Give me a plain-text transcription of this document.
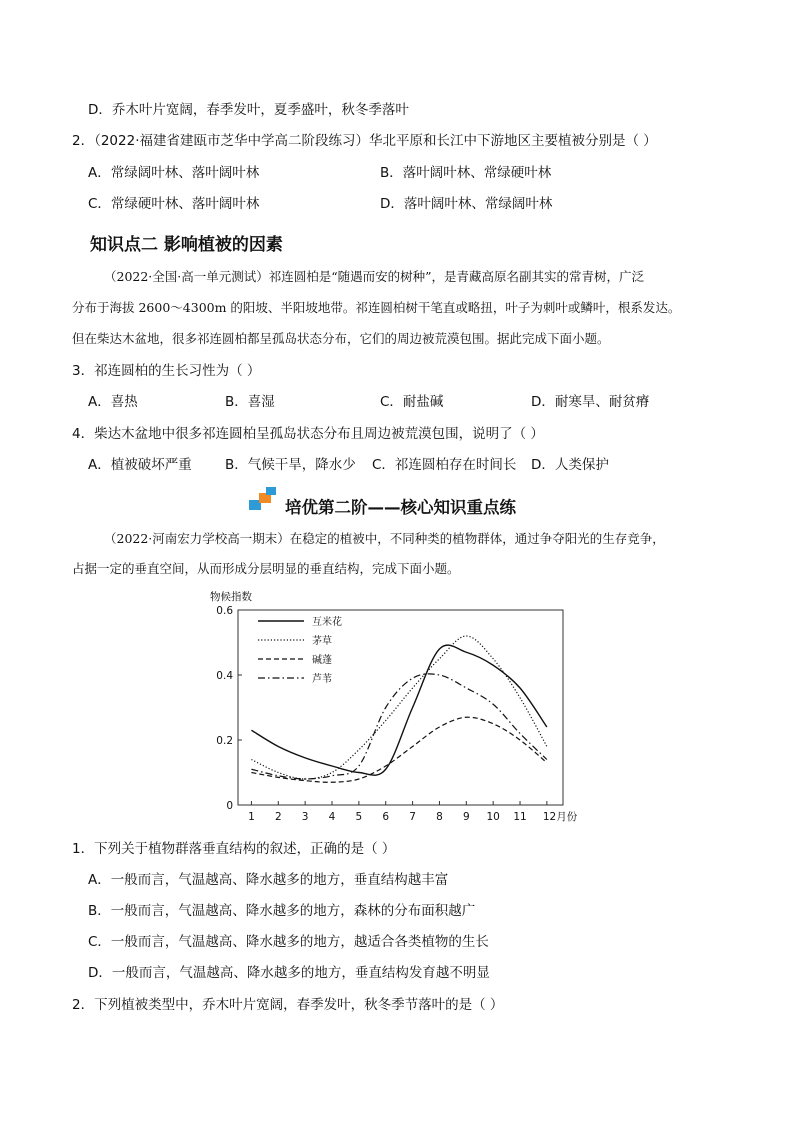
D．乔木叶片宽阔，春季发叶，夏季盛叶，秋冬季落叶
2．（2022·福建省建瓯市芝华中学高二阶段练习）华北平原和长江中下游地区主要植被分别是（ ）
A．常绿阔叶林、落叶阔叶林	B．落叶阔叶林、常绿硬叶林
C．常绿硬叶林、落叶阔叶林	D．落叶阔叶林、常绿阔叶林
知识点二 影响植被的因素
（2022·全国·高一单元测试）祁连圆柏是“随遇而安的树种”，是青藏高原名副其实的常青树，广泛
分布于海拔 2600～4300m 的阳坡、半阳坡地带。祁连圆柏树干笔直或略扭，叶子为刺叶或鳞叶，根系发达。
但在柴达木盆地，很多祁连圆柏都呈孤岛状态分布，它们的周边被荒漠包围。据此完成下面小题。
3．祁连圆柏的生长习性为（ ）
A．喜热	B．喜湿	C．耐盐碱	D．耐寒旱、耐贫瘠
4．柴达木盆地中很多祁连圆柏呈孤岛状态分布且周边被荒漠包围，说明了（ ）
A．植被破坏严重 B．气候干旱，降水少 C．祁连圆柏存在时间长 D．人类保护
培优第二阶——核心知识重点练
（2022·河南宏力学校高一期末）在稳定的植被中，不同种类的植物群体，通过争夺阳光的生存竞争，
占据一定的垂直空间，从而形成分层明显的垂直结构，完成下面小题。
物候指数
0
0.2
0.4
0.6
1 2 3 4 5 6 7 8 9 10 11 12月份
互米花
茅草
碱蓬
芦苇
1．下列关于植物群落垂直结构的叙述，正确的是（ ）
A．一般而言，气温越高、降水越多的地方，垂直结构越丰富
B．一般而言，气温越高、降水越多的地方，森林的分布面积越广
C．一般而言，气温越高、降水越多的地方，越适合各类植物的生长
D．一般而言，气温越高、降水越多的地方，垂直结构发育越不明显
2．下列植被类型中，乔木叶片宽阔，春季发叶，秋冬季节落叶的是（ ）
